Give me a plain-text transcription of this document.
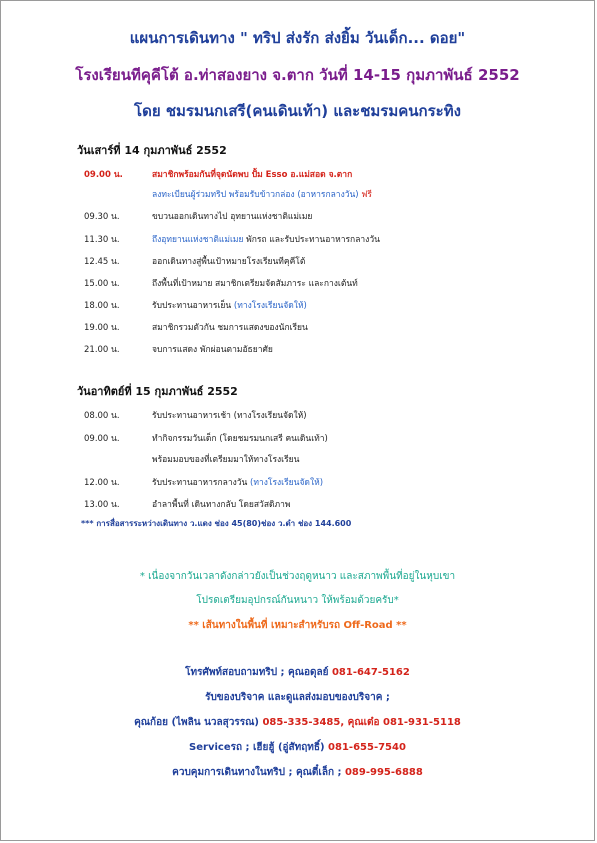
แผนการเดินทาง " ทริป ส่งรัก ส่งยิ้ม วันเด็ก... ดอย"
โรงเรียนทีคุคีโต้ อ.ท่าสองยาง จ.ตาก วันที่ 14-15 กุมภาพันธ์ 2552
โดย ชมรมนกเสรี(คนเดินเท้า) และชมรมคนกระทิง
วันเสาร์ที่ 14 กุมภาพันธ์ 2552
09.00 น.	สมาชิกพร้อมกันที่จุดนัดพบ ปั้ม Esso อ.แม่สอด จ.ตาก
ลงทะเบียนผู้ร่วมทริป พร้อมรับข้าวกล่อง (อาหารกลางวัน) ฟรี
09.30 น.	ขบวนออกเดินทางไป อุทยานแห่งชาติแม่เมย
11.30 น.	ถึงอุทยานแห่งชาติแม่เมย พักรถ และรับประทานอาหารกลางวัน
12.45 น.	ออกเดินทางสู่พื้นเป้าหมายโรงเรียนทีคุคีโต้
15.00 น.	ถึงพื้นที่เป้าหมาย สมาชิกเตรียมจัดสัมภาระ และกางเต้นท์
18.00 น.	รับประทานอาหารเย็น (ทางโรงเรียนจัดให้)
19.00 น.	สมาชิกรวมตัวกัน ชมการแสดงของนักเรียน
21.00 น.	จบการแสดง พักผ่อนตามอัธยาศัย
วันอาทิตย์ที่ 15 กุมภาพันธ์ 2552
08.00 น.	รับประทานอาหารเช้า (ทางโรงเรียนจัดให้)
09.00 น.	ทำกิจกรรมวันเด็ก (โดยชมรมนกเสรี คนเดินเท้า)
พร้อมมอบของที่เตรียมมาให้ทางโรงเรียน
12.00 น.	รับประทานอาหารกลางวัน (ทางโรงเรียนจัดให้)
13.00 น.	อำลาพื้นที่ เดินทางกลับ โดยสวัสดิภาพ
*** การสื่อสารระหว่างเดินทาง ว.แดง ช่อง 45(80)ช่อง ว.ดำ ช่อง 144.600
* เนื่องจากวันเวลาดังกล่าวยังเป็นช่วงฤดูหนาว และสภาพพื้นที่อยู่ในหุบเขา
โปรดเตรียมอุปกรณ์กันหนาว ให้พร้อมด้วยครับ*
** เส้นทางในพื้นที่ เหมาะสำหรับรถ Off-Road **
โทรศัพท์สอบถามทริป ; คุณอดุลย์ 081-647-5162
รับของบริจาค และดูแลส่งมอบของบริจาค ;
คุณก้อย (ไพลิน นวลสุวรรณ) 085-335-3485, คุณเต๋อ 081-931-5118
Serviceรถ ; เฮียฮู้ (อู่สัทฤทธิ์) 081-655-7540
ควบคุมการเดินทางในทริป ; คุณตี๋เล็ก ; 089-995-6888
